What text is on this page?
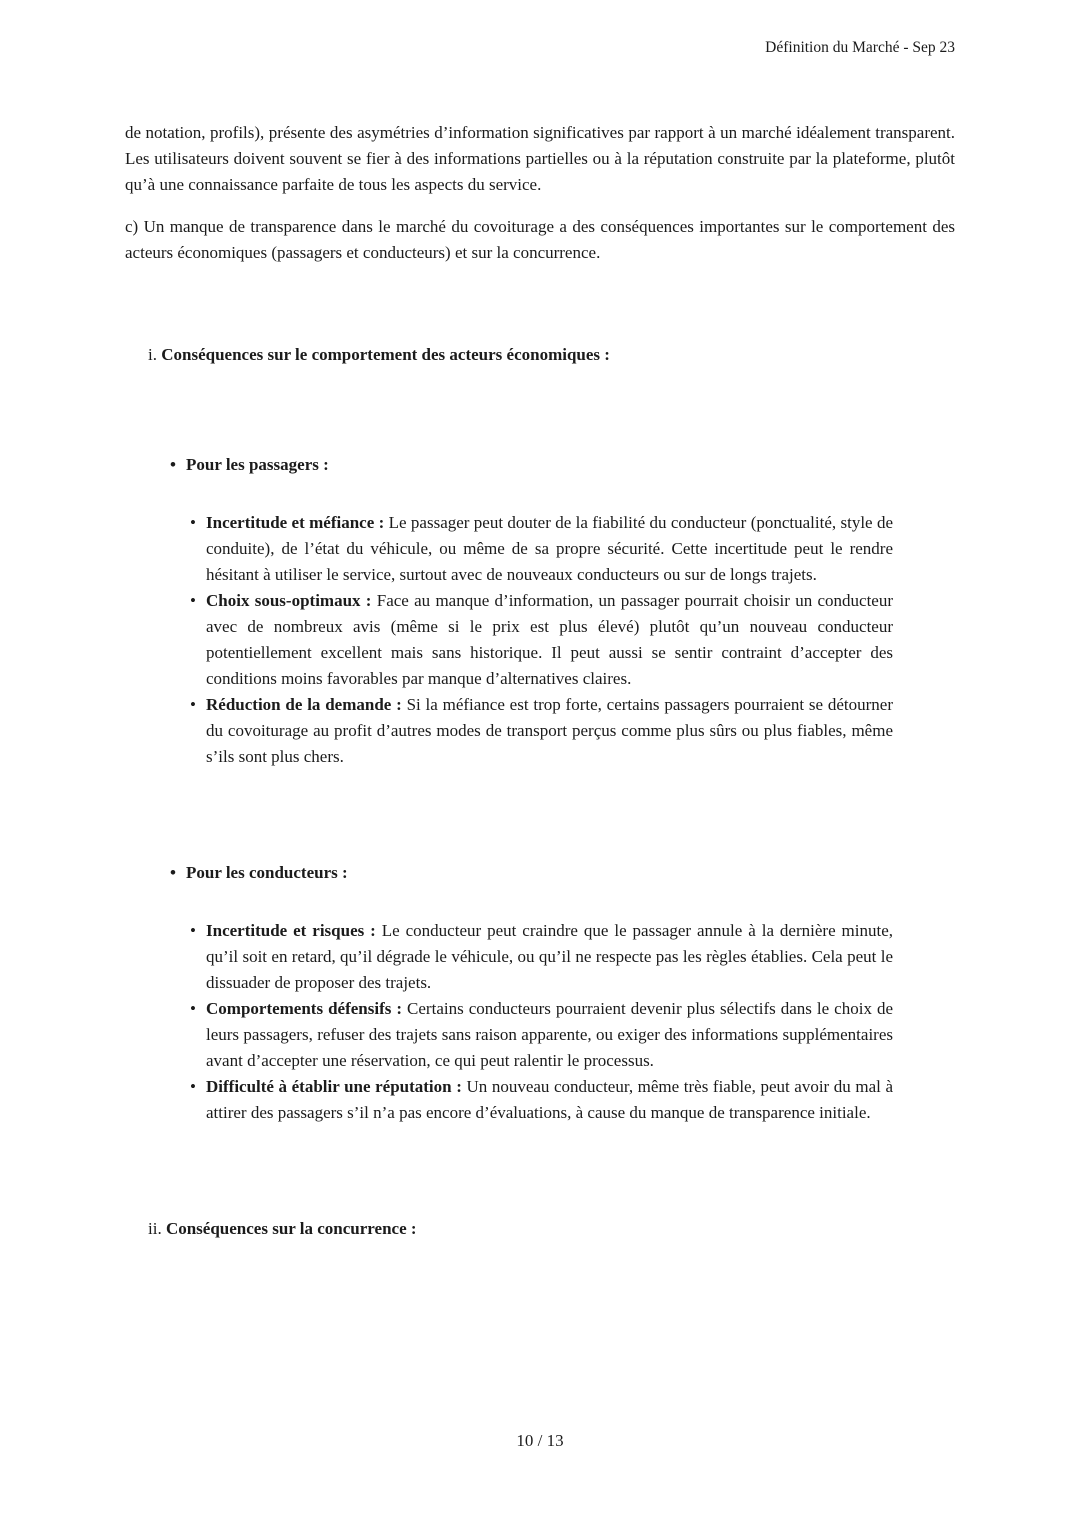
Définition du Marché - Sep 23

de notation, profils), présente des asymétries d’information significatives par rapport à un marché idéalement transparent. Les utilisateurs doivent souvent se fier à des informations partielles ou à la réputation construite par la plateforme, plutôt qu’à une connaissance parfaite de tous les aspects du service.

c) Un manque de transparence dans le marché du covoiturage a des conséquences importantes sur le comportement des acteurs économiques (passagers et conducteurs) et sur la concurrence.

i. Conséquences sur le comportement des acteurs économiques :
• Pour les passagers :
• Incertitude et méfiance : Le passager peut douter de la fiabilité du conducteur (ponctualité, style de conduite), de l’état du véhicule, ou même de sa propre sécurité. Cette incertitude peut le rendre hésitant à utiliser le service, surtout avec de nouveaux conducteurs ou sur de longs trajets.
• Choix sous-optimaux : Face au manque d’information, un passager pourrait choisir un conducteur avec de nombreux avis (même si le prix est plus élevé) plutôt qu’un nouveau conducteur potentiellement excellent mais sans historique. Il peut aussi se sentir contraint d’accepter des conditions moins favorables par manque d’alternatives claires.
• Réduction de la demande : Si la méfiance est trop forte, certains passagers pourraient se détourner du covoiturage au profit d’autres modes de transport perçus comme plus sûrs ou plus fiables, même s’ils sont plus chers.
• Pour les conducteurs :
• Incertitude et risques : Le conducteur peut craindre que le passager annule à la dernière minute, qu’il soit en retard, qu’il dégrade le véhicule, ou qu’il ne respecte pas les règles établies. Cela peut le dissuader de proposer des trajets.
• Comportements défensifs : Certains conducteurs pourraient devenir plus sélectifs dans le choix de leurs passagers, refuser des trajets sans raison apparente, ou exiger des informations supplémentaires avant d’accepter une réservation, ce qui peut ralentir le processus.
• Difficulté à établir une réputation : Un nouveau conducteur, même très fiable, peut avoir du mal à attirer des passagers s’il n’a pas encore d’évaluations, à cause du manque de transparence initiale.
ii. Conséquences sur la concurrence :
10 / 13
